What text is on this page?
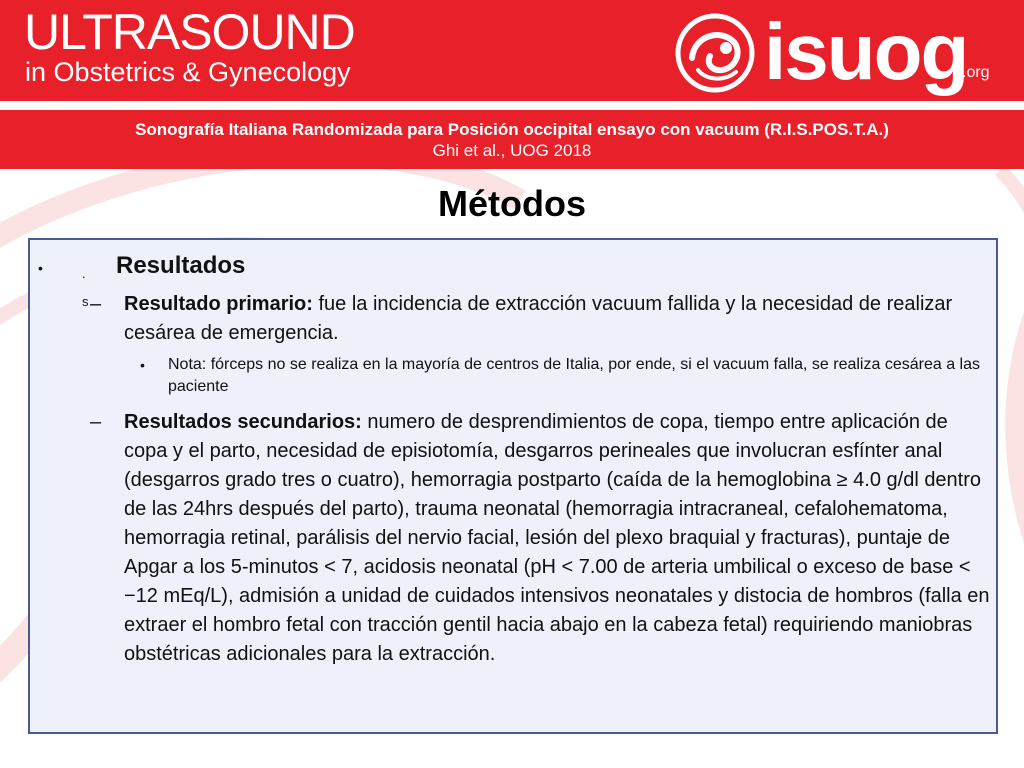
ULTRASOUND
in Obstetrics & Gynecology	isuog
.org
Sonografía Italiana Randomizada para Posición occipital ensayo con vacuum (R.I.S.POS.T.A.)
Ghi et al., UOG 2018
Métodos
•	. s
Resultados
– Resultado primario: fue la incidencia de extracción vacuum fallida y la necesidad de realizar cesárea de emergencia.
• Nota: fórceps no se realiza en la mayoría de centros de Italia, por ende, si el vacuum falla, se realiza cesárea a las paciente
– Resultados secundarios: numero de desprendimientos de copa, tiempo entre aplicación de copa y el parto, necesidad de episiotomía, desgarros perineales que involucran esfínter anal (desgarros grado tres o cuatro), hemorragia postparto (caída de la hemoglobina ≥ 4.0 g/dl dentro de las 24hrs después del parto), trauma neonatal (hemorragia intracraneal, cefalohematoma, hemorragia retinal, parálisis del nervio facial, lesión del plexo braquial y fracturas), puntaje de Apgar a los 5-minutos < 7, acidosis neonatal (pH < 7.00 de arteria umbilical o exceso de base < −12 mEq/L), admisión a unidad de cuidados intensivos neonatales y distocia de hombros (falla en extraer el hombro fetal con tracción gentil hacia abajo en la cabeza fetal) requiriendo maniobras obstétricas adicionales para la extracción.
